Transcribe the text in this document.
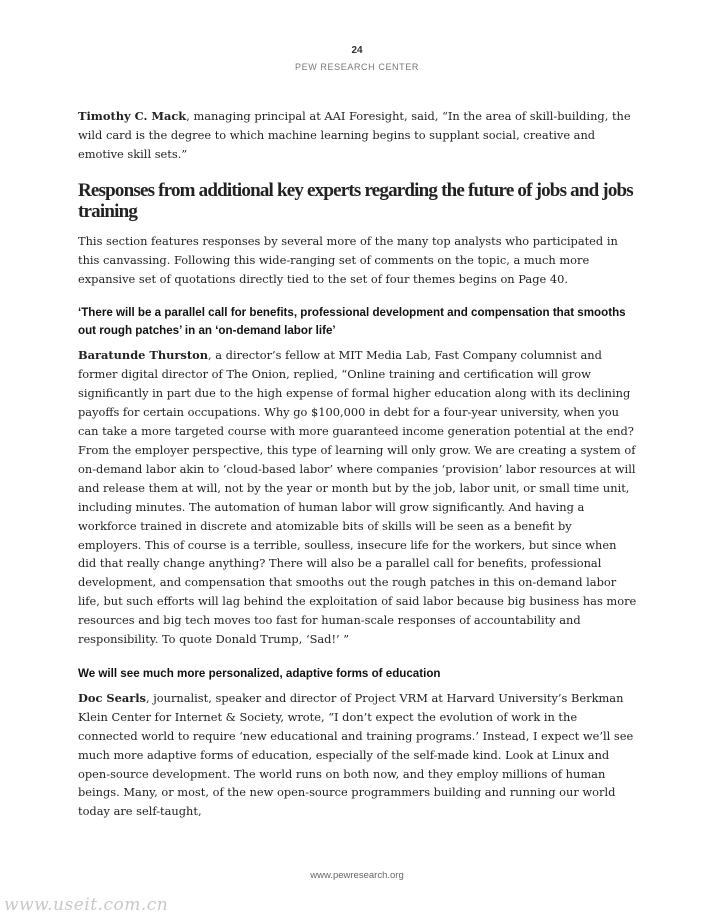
24
PEW RESEARCH CENTER

Timothy C. Mack, managing principal at AAI Foresight, said, “In the area of skill-building, the wild card is the degree to which machine learning begins to supplant social, creative and emotive skill sets.”

Responses from additional key experts regarding the future of jobs and jobs training

This section features responses by several more of the many top analysts who participated in this canvassing. Following this wide-ranging set of comments on the topic, a much more expansive set of quotations directly tied to the set of four themes begins on Page 40.

‘There will be a parallel call for benefits, professional development and compensation that smooths out rough patches’ in an ‘on-demand labor life’

Baratunde Thurston, a director’s fellow at MIT Media Lab, Fast Company columnist and former digital director of The Onion, replied, “Online training and certification will grow significantly in part due to the high expense of formal higher education along with its declining payoffs for certain occupations. Why go $100,000 in debt for a four-year university, when you can take a more targeted course with more guaranteed income generation potential at the end? From the employer perspective, this type of learning will only grow. We are creating a system of on-demand labor akin to ‘cloud-based labor’ where companies ‘provision’ labor resources at will and release them at will, not by the year or month but by the job, labor unit, or small time unit, including minutes. The automation of human labor will grow significantly. And having a workforce trained in discrete and atomizable bits of skills will be seen as a benefit by employers. This of course is a terrible, soulless, insecure life for the workers, but since when did that really change anything? There will also be a parallel call for benefits, professional development, and compensation that smooths out the rough patches in this on-demand labor life, but such efforts will lag behind the exploitation of said labor because big business has more resources and big tech moves too fast for human-scale responses of accountability and responsibility. To quote Donald Trump, ‘Sad!’ ”

We will see much more personalized, adaptive forms of education

Doc Searls, journalist, speaker and director of Project VRM at Harvard University’s Berkman Klein Center for Internet & Society, wrote, “I don’t expect the evolution of work in the connected world to require ‘new educational and training programs.’ Instead, I expect we’ll see much more adaptive forms of education, especially of the self-made kind. Look at Linux and open-source development. The world runs on both now, and they employ millions of human beings. Many, or most, of the new open-source programmers building and running our world today are self-taught,

www.pewresearch.org
www.useit.com.cn
